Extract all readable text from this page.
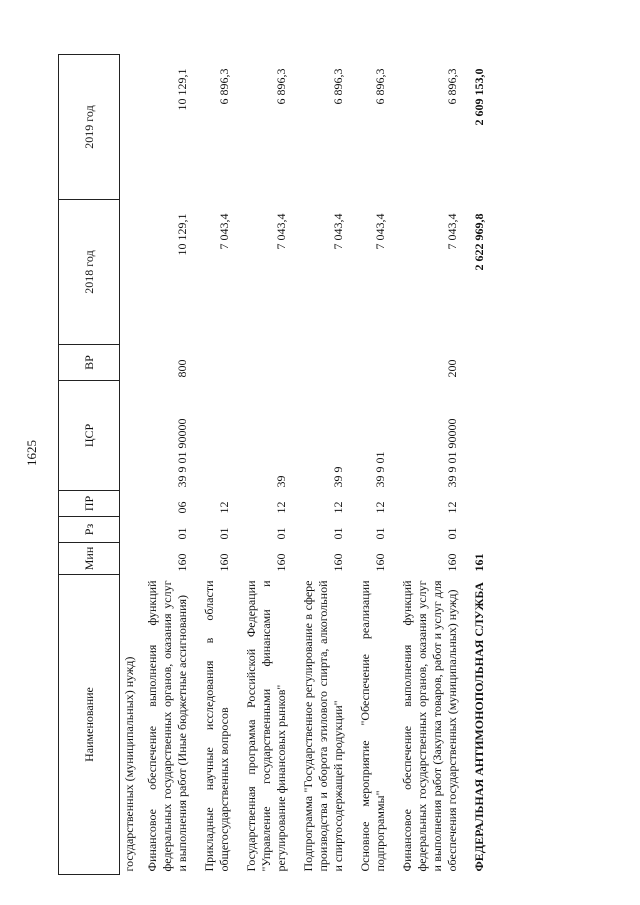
1625
Наименование	Мин	Рз	ПР	ЦСР	ВР	2018 год	2019 год
государственных (муниципальных) нужд)							
Финансовое обеспечение выполнения функций федеральных государственных органов, оказания услуг и выполнения работ (Иные бюджетные ассигнования)	160	01	06	39 9 01 90000	800	10 129,1	10 129,1
Прикладные научные исследования в области общегосударственных вопросов	160	01	12			7 043,4	6 896,3
Государственная программа Российской Федерации "Управление государственными финансами и регулирование финансовых рынков"	160	01	12	39		7 043,4	6 896,3
Подпрограмма "Государственное регулирование в сфере производства и оборота этилового спирта, алкогольной и спиртосодержащей продукции"	160	01	12	39 9		7 043,4	6 896,3
Основное мероприятие "Обеспечение реализации подпрограммы"	160	01	12	39 9 01		7 043,4	6 896,3
Финансовое обеспечение выполнения функций федеральных государственных органов, оказания услуг и выполнения работ (Закупка товаров, работ и услуг для обеспечения государственных (муниципальных) нужд)	160	01	12	39 9 01 90000	200	7 043,4	6 896,3
ФЕДЕРАЛЬНАЯ АНТИМОНОПОЛЬНАЯ СЛУЖБА	161					2 622 969,8	2 609 153,0
